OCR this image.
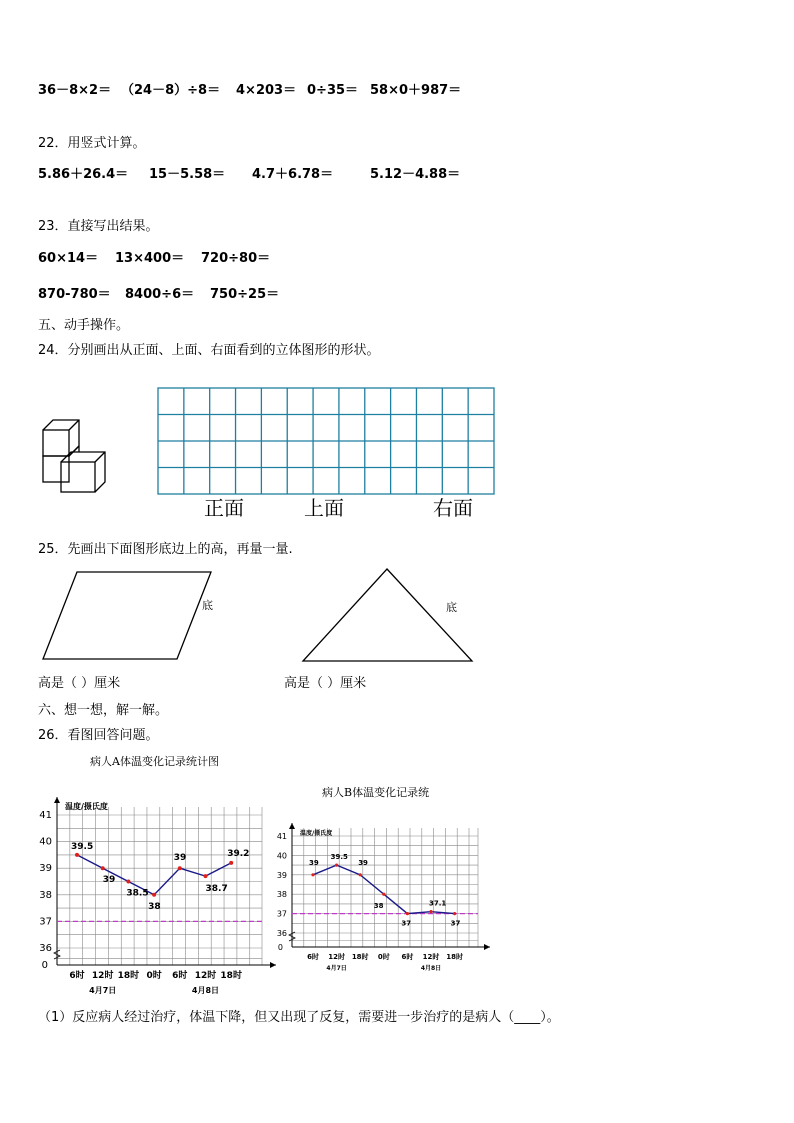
36－8×2＝ （24－8）÷8＝ 4×203＝ 0÷35＝ 58×0＋987＝
22．用竖式计算。
5.86＋26.4＝ 15－5.58＝ 4.7＋6.78＝	5.12－4.88＝
23．直接写出结果。
60×14＝ 13×400＝ 720÷80＝
870-780＝ 8400÷6＝ 750÷25＝
五、动手操作。
24．分别画出从正面、上面、右面看到的立体图形的形状。
正面	上面	右面
25．先画出下面图形底边上的高，再量一量.
底	底
高是（ ）厘米	高是（ ）厘米
六、想一想，解一解。
26．看图回答问题。
病人A体温变化记录统计图
病人B体温变化记录统
温度/摄氏度
36
37
38
39
40
41
0
6时 12时 18时 0时 6时 12时 18时
4月7日	4月8日
39.5
39
38.5
38
39
38.7
39.2
温度/摄氏度
36
37
38
39
40
41
0
6时 12时 18时 0时 6时 12时 18时
4月7日	4月8日
39
39.5
39
38
37
37.1
37
（1）反应病人经过治疗，体温下降，但又出现了反复，需要进一步治疗的是病人（____）。
